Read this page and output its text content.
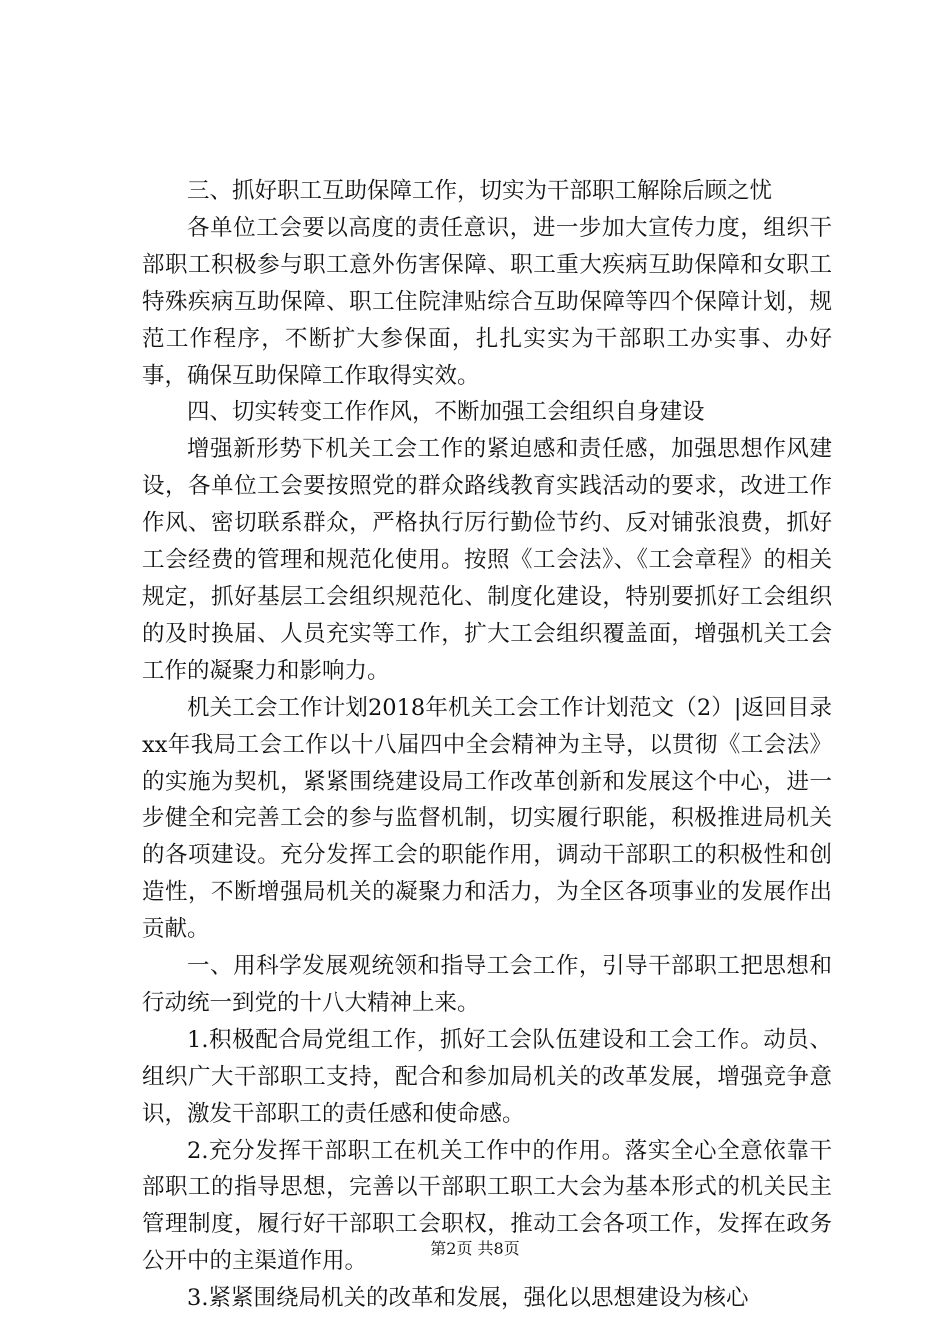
三、抓好职工互助保障工作，切实为干部职工解除后顾之忧

各单位工会要以高度的责任意识，进一步加大宣传力度，组织干部职工积极参与职工意外伤害保障、职工重大疾病互助保障和女职工特殊疾病互助保障、职工住院津贴综合互助保障等四个保障计划，规范工作程序，不断扩大参保面，扎扎实实为干部职工办实事、办好事，确保互助保障工作取得实效。

四、切实转变工作作风，不断加强工会组织自身建设

增强新形势下机关工会工作的紧迫感和责任感，加强思想作风建设，各单位工会要按照党的群众路线教育实践活动的要求，改进工作作风、密切联系群众，严格执行厉行勤俭节约、反对铺张浪费，抓好工会经费的管理和规范化使用。按照《工会法》、《工会章程》的相关规定，抓好基层工会组织规范化、制度化建设，特别要抓好工会组织的及时换届、人员充实等工作，扩大工会组织覆盖面，增强机关工会工作的凝聚力和影响力。

机关工会工作计划2018年机关工会工作计划范文（2）|返回目录xx年我局工会工作以十八届四中全会精神为主导，以贯彻《工会法》的实施为契机，紧紧围绕建设局工作改革创新和发展这个中心，进一步健全和完善工会的参与监督机制，切实履行职能，积极推进局机关的各项建设。充分发挥工会的职能作用，调动干部职工的积极性和创造性，不断增强局机关的凝聚力和活力，为全区各项事业的发展作出贡献。

一、用科学发展观统领和指导工会工作，引导干部职工把思想和行动统一到党的十八大精神上来。

1.积极配合局党组工作，抓好工会队伍建设和工会工作。动员、组织广大干部职工支持，配合和参加局机关的改革发展，增强竞争意识，激发干部职工的责任感和使命感。

2.充分发挥干部职工在机关工作中的作用。落实全心全意依靠干部职工的指导思想，完善以干部职工职工大会为基本形式的机关民主管理制度，履行好干部职工会职权，推动工会各项工作，发挥在政务公开中的主渠道作用。

3.紧紧围绕局机关的改革和发展，强化以思想建设为核心

第2页 共8页
